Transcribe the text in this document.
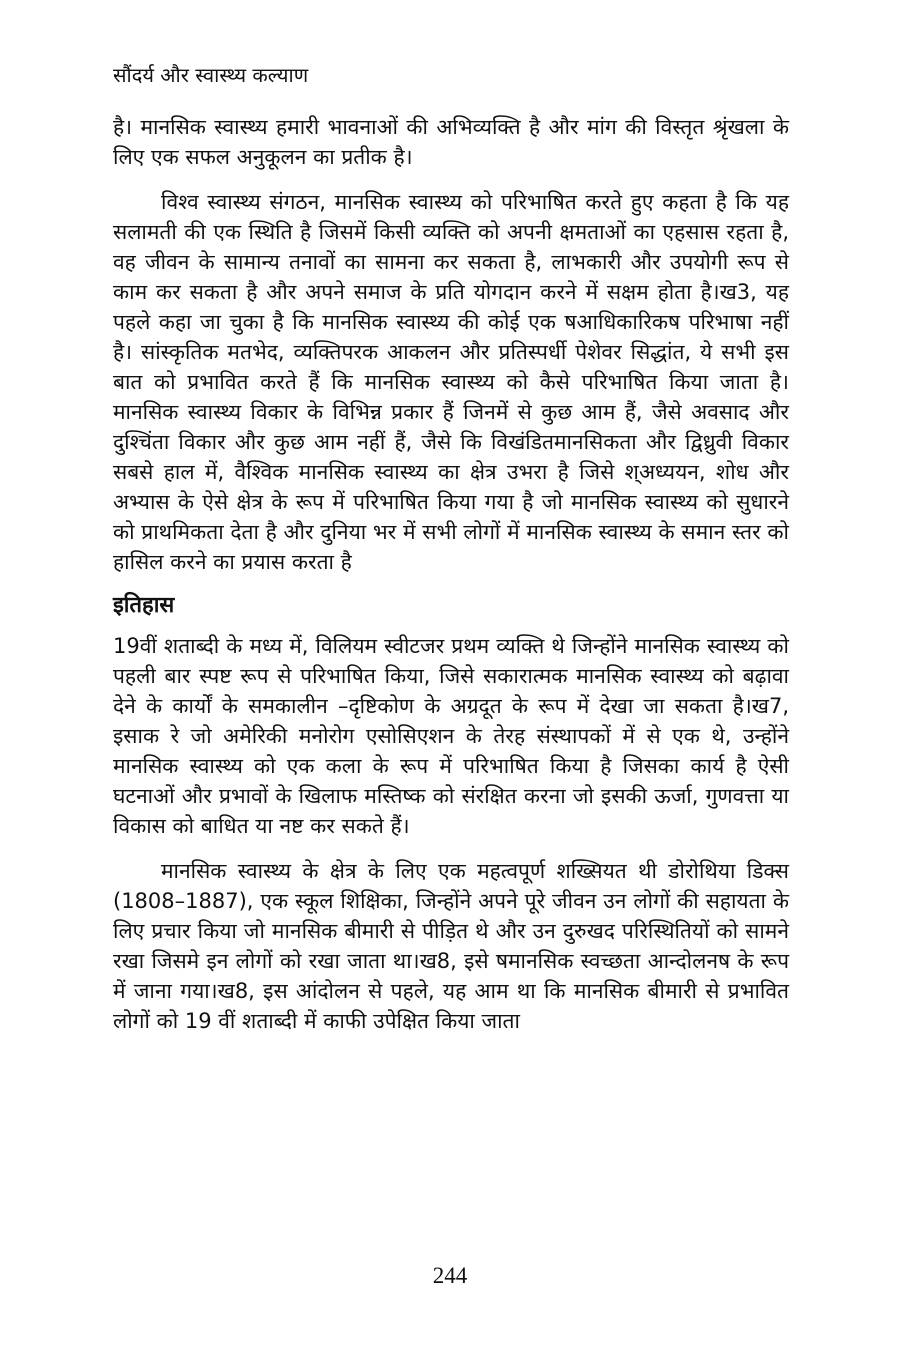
सौंदर्य और स्वास्थ्य कल्याण

है। मानसिक स्वास्थ्य हमारी भावनाओं की अभिव्यक्ति है और मांग की विस्तृत श्रृंखला के लिए एक सफल अनुकूलन का प्रतीक है।

विश्व स्वास्थ्य संगठन, मानसिक स्वास्थ्य को परिभाषित करते हुए कहता है कि यह सलामती की एक स्थिति है जिसमें किसी व्यक्ति को अपनी क्षमताओं का एहसास रहता है, वह जीवन के सामान्य तनावों का सामना कर सकता है, लाभकारी और उपयोगी रूप से काम कर सकता है और अपने समाज के प्रति योगदान करने में सक्षम होता है।ख3, यह पहले कहा जा चुका है कि मानसिक स्वास्थ्य की कोई एक षआधिकारिकष परिभाषा नहीं है। सांस्कृतिक मतभेद, व्यक्तिपरक आकलन और प्रतिस्पर्धी पेशेवर सिद्धांत, ये सभी इस बात को प्रभावित करते हैं कि मानसिक स्वास्थ्य को कैसे परिभाषित किया जाता है। मानसिक स्वास्थ्य विकार के विभिन्न प्रकार हैं जिनमें से कुछ आम हैं, जैसे अवसाद और दुश्चिंता विकार और कुछ आम नहीं हैं, जैसे कि विखंडितमानसिकता और द्विध्रुवी विकार सबसे हाल में, वैश्विक मानसिक स्वास्थ्य का क्षेत्र उभरा है जिसे श्अध्ययन, शोध और अभ्यास के ऐसे क्षेत्र के रूप में परिभाषित किया गया है जो मानसिक स्वास्थ्य को सुधारने को प्राथमिकता देता है और दुनिया भर में सभी लोगों में मानसिक स्वास्थ्य के समान स्तर को हासिल करने का प्रयास करता है

इतिहास

19वीं शताब्दी के मध्य में, विलियम स्वीटजर प्रथम व्यक्ति थे जिन्होंने मानसिक स्वास्थ्य को पहली बार स्पष्ट रूप से परिभाषित किया, जिसे सकारात्मक मानसिक स्वास्थ्य को बढ़ावा देने के कार्यों के समकालीन –दृष्टिकोण के अग्रदूत के रूप में देखा जा सकता है।ख7, इसाक रे जो अमेरिकी मनोरोग एसोसिएशन के तेरह संस्थापकों में से एक थे, उन्होंने मानसिक स्वास्थ्य को एक कला के रूप में परिभाषित किया है जिसका कार्य है ऐसी घटनाओं और प्रभावों के खिलाफ मस्तिष्क को संरक्षित करना जो इसकी ऊर्जा, गुणवत्ता या विकास को बाधित या नष्ट कर सकते हैं।

मानसिक स्वास्थ्य के क्षेत्र के लिए एक महत्वपूर्ण शख्सियत थी डोरोथिया डिक्स (1808–1887), एक स्कूल शिक्षिका, जिन्होंने अपने पूरे जीवन उन लोगों की सहायता के लिए प्रचार किया जो मानसिक बीमारी से पीड़ित थे और उन दुरुखद परिस्थितियों को सामने रखा जिसमे इन लोगों को रखा जाता था।ख8, इसे षमानसिक स्वच्छता आन्दोलनष के रूप में जाना गया।ख8, इस आंदोलन से पहले, यह आम था कि मानसिक बीमारी से प्रभावित लोगों को 19 वीं शताब्दी में काफी उपेक्षित किया जाता

244
